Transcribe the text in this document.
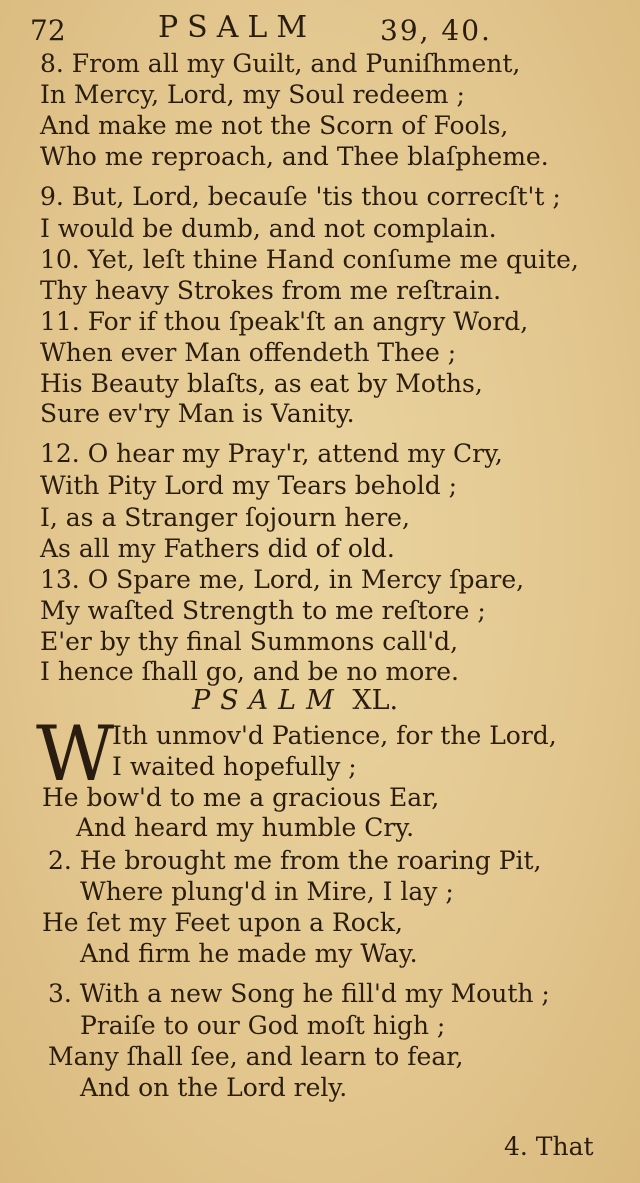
72	PSALM 39, 40.
8. From all my Guilt, and Puniſhment,
In Mercy, Lord, my Soul redeem ;
And make me not the Scorn of Fools,
Who me reproach, and Thee blaſpheme.
9. But, Lord, becauſe 'tis thou correcſt't ;
I would be dumb, and not complain.
10. Yet, leſt thine Hand conſume me quite,
Thy heavy Strokes from me reſtrain.
11. For if thou ſpeak'ſt an angry Word,
When ever Man offendeth Thee ;
His Beauty blaſts, as eat by Moths,
Sure ev'ry Man is Vanity.
12. O hear my Pray'r, attend my Cry,
With Pity Lord my Tears behold ;
I, as a Stranger ſojourn here,
As all my Fathers did of old.
13. O Spare me, Lord, in Mercy ſpare,
My waſted Strength to me reſtore ;
E'er by thy final Summons call'd,
I hence ſhall go, and be no more.
PSALM XL.
W
Ith unmov'd Patience, for the Lord,
I waited hopefully ;
He bow'd to me a gracious Ear,
And heard my humble Cry.
2. He brought me from the roaring Pit,
Where plung'd in Mire, I lay ;
He ſet my Feet upon a Rock,
And firm he made my Way.
3. With a new Song he fill'd my Mouth ;
Praiſe to our God moſt high ;
Many ſhall ſee, and learn to fear,
And on the Lord rely.
4. That
